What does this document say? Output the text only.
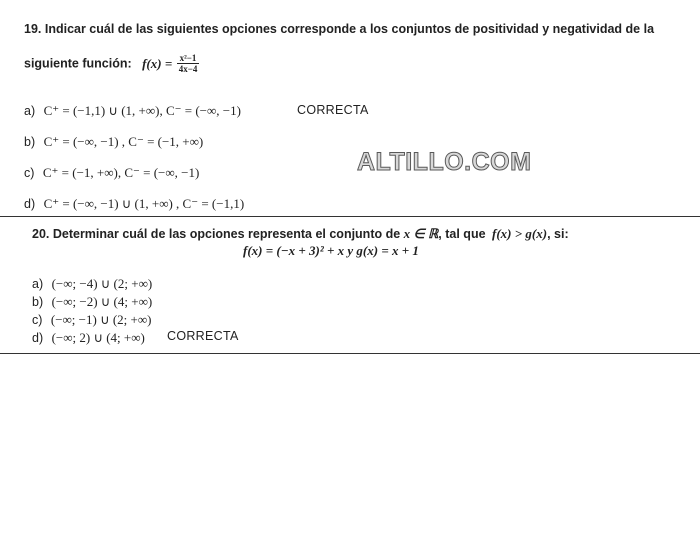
19. Indicar cuál de las siguientes opciones corresponde a los conjuntos de positividad y negatividad de la
siguiente función: $f(x) = \frac{\text{x²−1}}{4x-4}$
a) C⁺ = (−1,1) ∪ (1, +∞), C⁻ = (−∞, −1)	CORRECTA
b) C⁺ = (−∞, −1) , C⁻ = (−1, +∞)
c) C⁺ = (−1, +∞), C⁻ = (−∞, −1)
d) C⁺ = (−∞, −1) ∪ (1, +∞) , C⁻ = (−1,1)
ALTILLO.COM
20. Determinar cuál de las opciones representa el conjunto de x ∈ ℝ, tal que f(x) > g(x), si:
f(x) = (−x + 3)² + x y g(x) = x + 1
a) (−∞; −4) ∪ (2; +∞)
b) (−∞; −2) ∪ (4; +∞)
c) (−∞; −1) ∪ (2; +∞)
d) (−∞; 2) ∪ (4; +∞) CORRECTA
